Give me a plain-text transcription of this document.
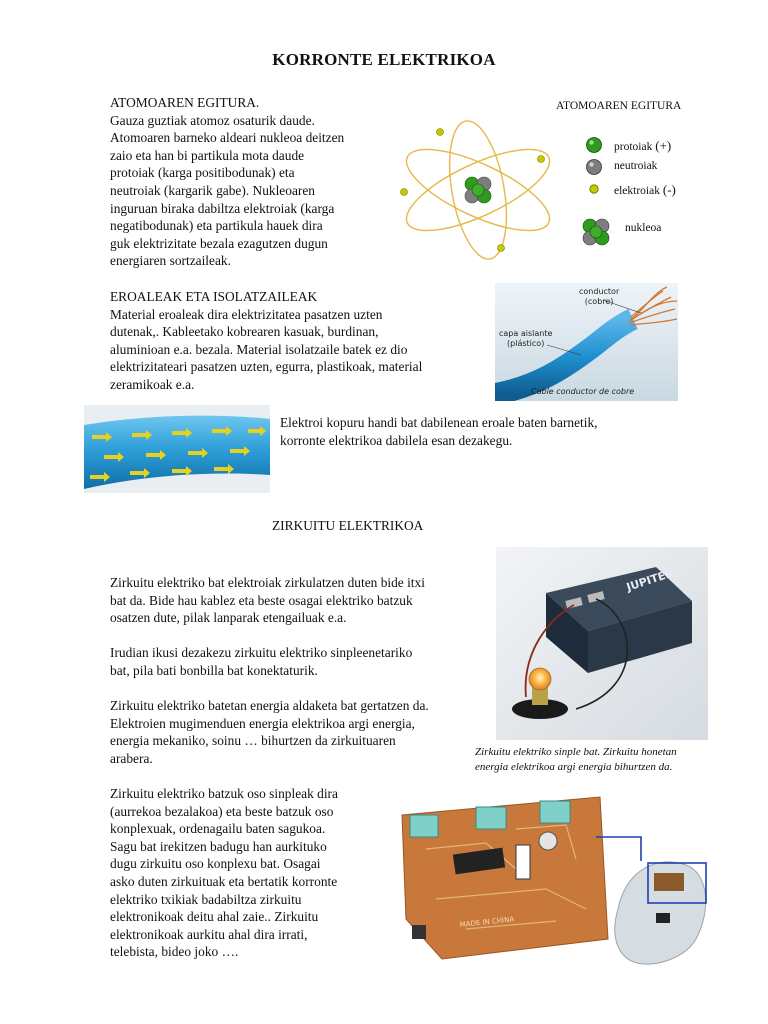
KORRONTE ELEKTRIKOA
ATOMOAREN EGITURA.
Gauza guztiak atomoz osaturik daude.
Atomoaren barneko aldeari nukleoa deitzen
zaio eta han bi partikula mota daude
protoiak (karga positibodunak) eta
neutroiak (kargarik gabe). Nukleoaren
inguruan biraka dabiltza elektroiak (karga
negatibodunak) eta partikula hauek dira
guk elektrizitate bezala ezagutzen dugun
energiaren sortzaileak.
ATOMOAREN EGITURA
protoiak (+)
neutroiak
elektroiak (-)
nukleoa
EROALEAK ETA ISOLATZAILEAK
Material eroaleak dira elektrizitatea pasatzen uzten
dutenak,. Kableetako kobrearen kasuak, burdinan,
aluminioan e.a. bezala. Material isolatzaile batek ez dio
elektrizitateari pasatzen uzten, egurra, plastikoak, material
zeramikoak e.a.
conductor
(cobre)
capa aislante
(plástico)
Cable conductor de cobre
Elektroi kopuru handi bat dabilenean eroale baten barnetik,
korronte elektrikoa dabilela esan dezakegu.
ZIRKUITU ELEKTRIKOA
Zirkuitu elektriko bat elektroiak zirkulatzen duten bide itxi
bat da. Bide hau kablez eta beste osagai elektriko batzuk
osatzen dute, pilak lanparak etengailuak e.a.
Irudian ikusi dezakezu zirkuitu elektriko sinpleenetariko
bat, pila bati bonbilla bat konektaturik.
Zirkuitu elektriko batetan energia aldaketa bat gertatzen da.
Elektroien mugimenduen energia elektrikoa argi energia,
energia mekaniko, soinu … bihurtzen da zirkuituaren
arabera.
Zirkuitu elektriko batzuk oso sinpleak dira
(aurrekoa bezalakoa) eta beste batzuk oso
konplexuak, ordenagailu baten sagukoa.
Sagu bat irekitzen badugu han aurkituko
dugu zirkuitu oso konplexu bat. Osagai
asko duten zirkuituak eta bertatik korronte
elektriko txikiak badabiltza zirkuitu
elektronikoak deitu ahal zaie.. Zirkuitu
elektronikoak aurkitu ahal dira irrati,
telebista, bideo joko ….
JUPITER
Zirkuitu elektriko sinple bat. Zirkuitu honetan
energia elektrikoa argi energia bihurtzen da.
MADE IN CHINA
